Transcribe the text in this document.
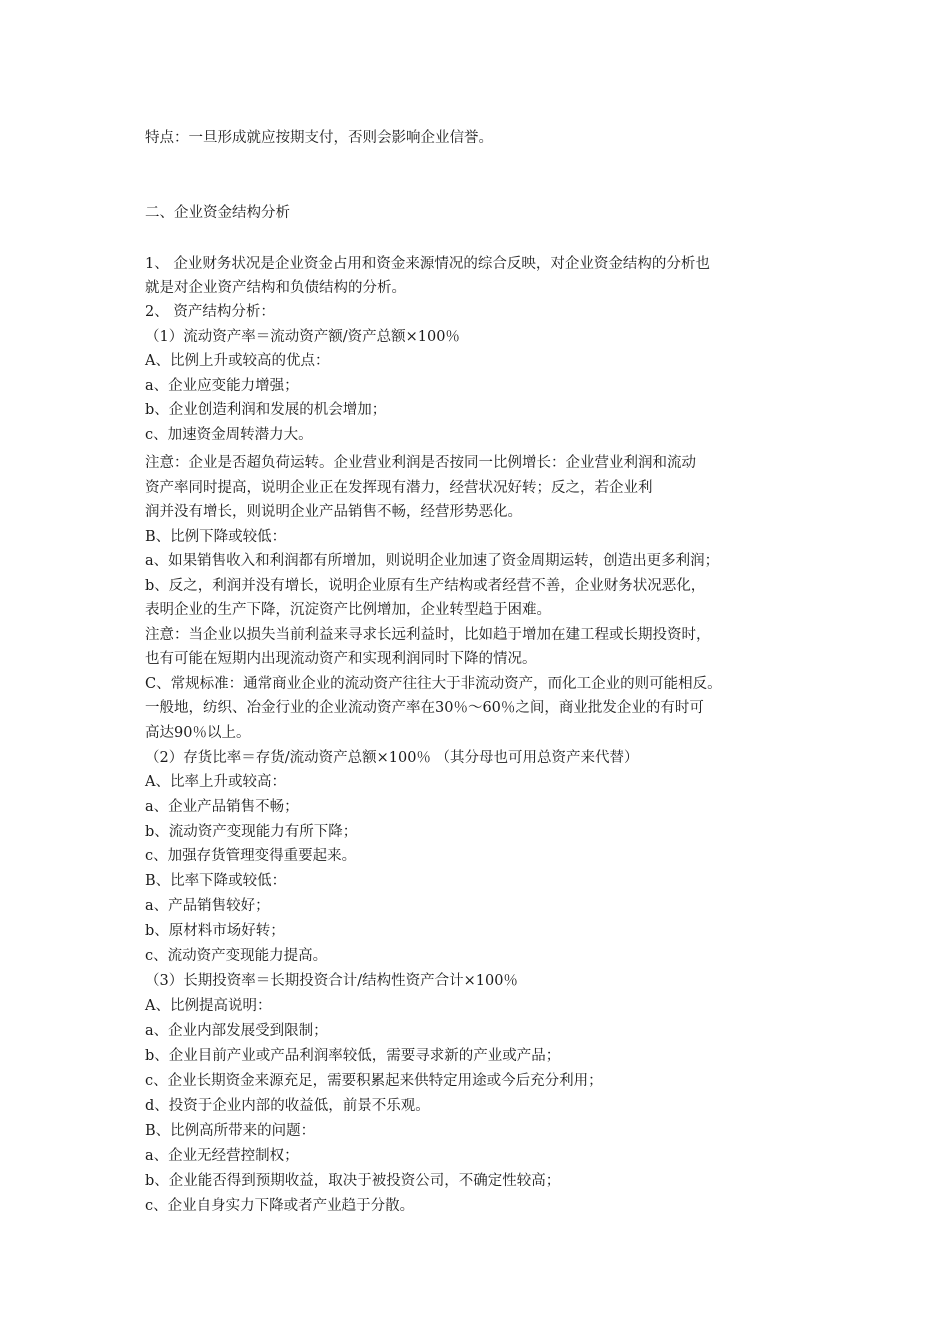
特点：一旦形成就应按期支付，否则会影响企业信誉。
二、企业资金结构分析
1、 企业财务状况是企业资金占用和资金来源情况的综合反映，对企业资金结构的分析也
就是对企业资产结构和负债结构的分析。
2、 资产结构分析：
（1）流动资产率＝流动资产额/资产总额×100％
A、比例上升或较高的优点：
a、企业应变能力增强；
b、企业创造利润和发展的机会增加；
c、加速资金周转潜力大。
注意：企业是否超负荷运转。企业营业利润是否按同一比例增长：企业营业利润和流动
资产率同时提高，说明企业正在发挥现有潜力，经营状况好转；反之，若企业利
润并没有增长，则说明企业产品销售不畅，经营形势恶化。
B、比例下降或较低：
a、如果销售收入和利润都有所增加，则说明企业加速了资金周期运转，创造出更多利润；
b、反之，利润并没有增长，说明企业原有生产结构或者经营不善，企业财务状况恶化，
表明企业的生产下降，沉淀资产比例增加，企业转型趋于困难。
注意：当企业以损失当前利益来寻求长远利益时，比如趋于增加在建工程或长期投资时，
也有可能在短期内出现流动资产和实现利润同时下降的情况。
C、常规标准：通常商业企业的流动资产往往大于非流动资产，而化工企业的则可能相反。
一般地，纺织、冶金行业的企业流动资产率在30％～60％之间，商业批发企业的有时可
高达90％以上。
（2）存货比率＝存货/流动资产总额×100％ （其分母也可用总资产来代替）
A、比率上升或较高：
a、企业产品销售不畅；
b、流动资产变现能力有所下降；
c、加强存货管理变得重要起来。
B、比率下降或较低：
a、产品销售较好；
b、原材料市场好转；
c、流动资产变现能力提高。
（3）长期投资率＝长期投资合计/结构性资产合计×100％
A、比例提高说明：
a、企业内部发展受到限制；
b、企业目前产业或产品利润率较低，需要寻求新的产业或产品；
c、企业长期资金来源充足，需要积累起来供特定用途或今后充分利用；
d、投资于企业内部的收益低，前景不乐观。
B、比例高所带来的问题：
a、企业无经营控制权；
b、企业能否得到预期收益，取决于被投资公司，不确定性较高；
c、企业自身实力下降或者产业趋于分散。
